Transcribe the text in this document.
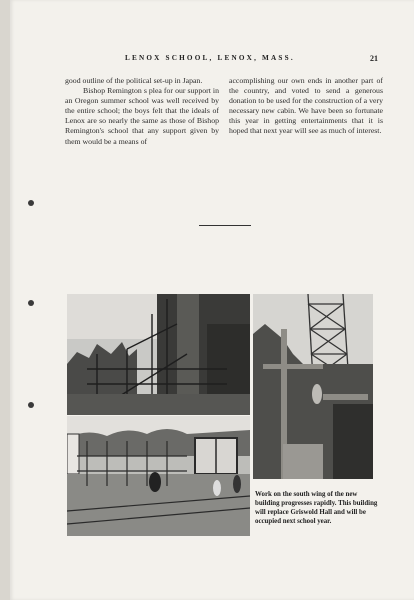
LENOX SCHOOL, LENOX, MASS.	21

good outline of the political set-up in Japan.

Bishop Remington s plea for our support in an Oregon summer school was well received by the entire school; the boys felt that the ideals of Lenox are so nearly the same as those of Bishop Remington's school that any support given by them would be a means of

accomplishing our own ends in another part of the country, and voted to send a generous donation to be used for the construction of a very necessary new cabin. We have been so fortunate this year in getting entertainments that it is hoped that next year will see as much of interest.

Work on the south wing of the new building progresses rapidly. This building will replace Griswold Hall and will be occupied next school year.
